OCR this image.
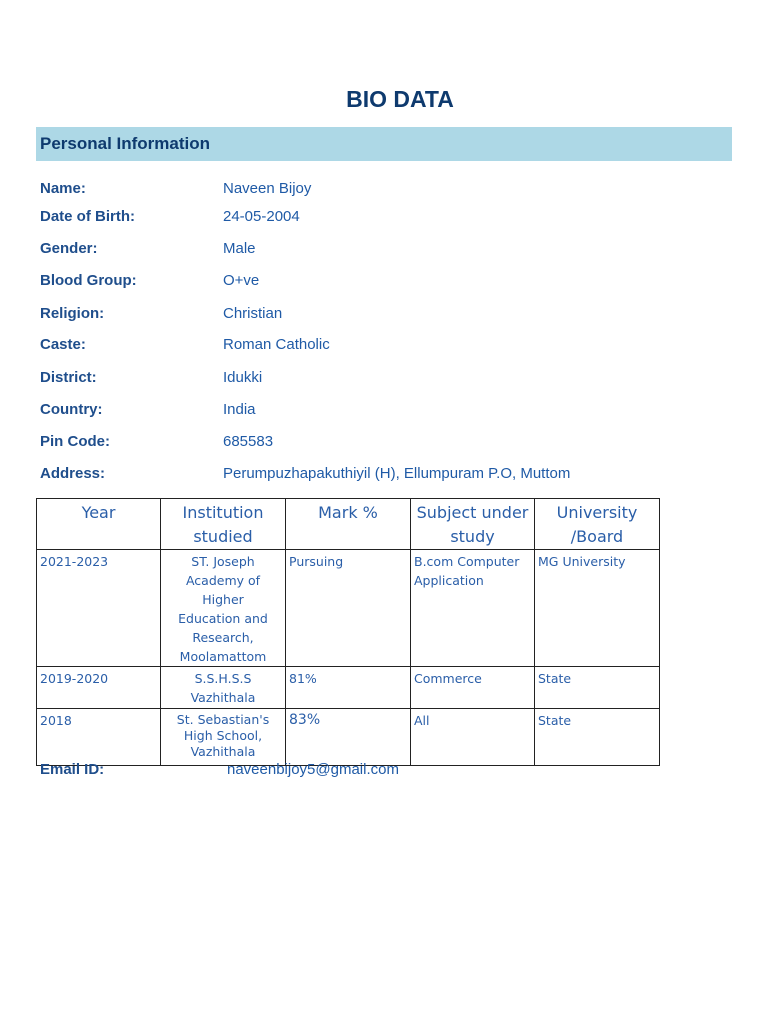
BIO DATA
Personal Information
Name:	Naveen Bijoy
Date of Birth:	24-05-2004
Gender:	Male
Blood Group:	O+ve
Religion:	Christian
Caste:	Roman Catholic
District:	Idukki
Country:	India
Pin Code:	685583
Address:	Perumpuzhapakuthiyil (H), Ellumpuram P.O, Muttom
Year	Institution studied	Mark %	Subject under study	University /Board
2021-2023	ST. Joseph Academy of Higher Education and Research, Moolamattom	Pursuing	B.com Computer Application	MG University
2019-2020	S.S.H.S.S Vazhithala	81%	Commerce	State
2018	St. Sebastian's High School, Vazhithala	83%	All	State
Email ID:	naveenbijoy5@gmail.com
